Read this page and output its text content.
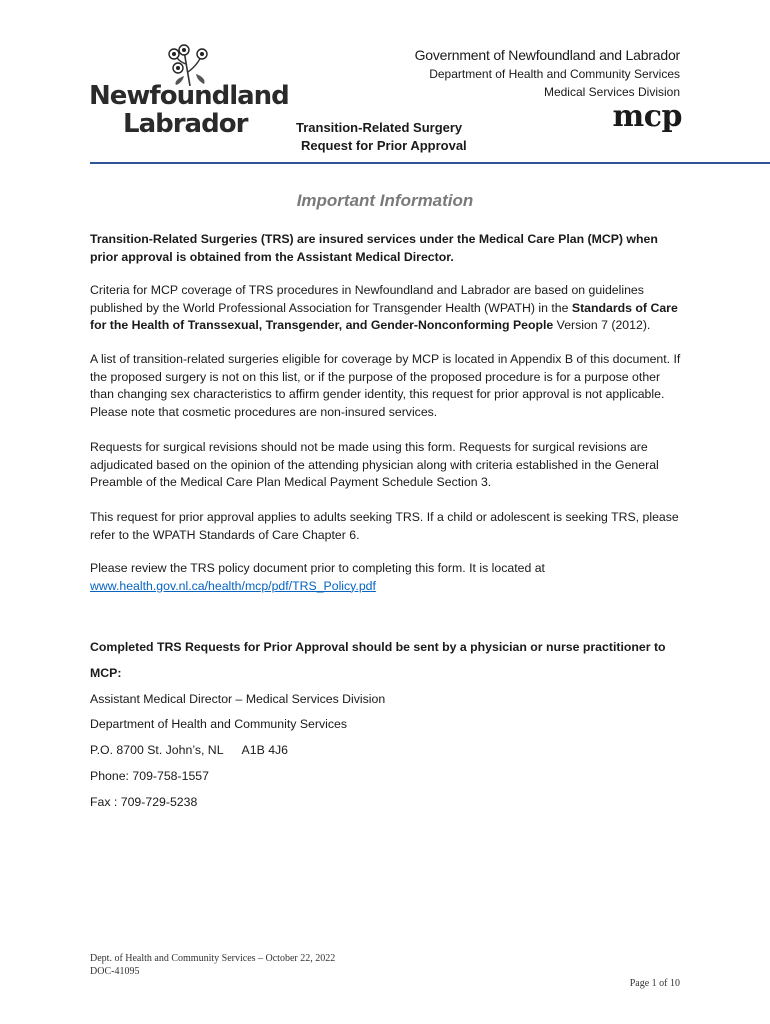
Newfoundland
Labrador
Government of Newfoundland and Labrador
Department of Health and Community Services
Medical Services Division
mcp
Transition-Related Surgery
Request for Prior Approval
Important Information
Transition-Related Surgeries (TRS) are insured services under the Medical Care Plan (MCP) when prior approval is obtained from the Assistant Medical Director.
Criteria for MCP coverage of TRS procedures in Newfoundland and Labrador are based on guidelines published by the World Professional Association for Transgender Health (WPATH) in the Standards of Care for the Health of Transsexual, Transgender, and Gender-Nonconforming People Version 7 (2012).
A list of transition-related surgeries eligible for coverage by MCP is located in Appendix B of this document. If the proposed surgery is not on this list, or if the purpose of the proposed procedure is for a purpose other than changing sex characteristics to affirm gender identity, this request for prior approval is not applicable. Please note that cosmetic procedures are non-insured services.
Requests for surgical revisions should not be made using this form. Requests for surgical revisions are adjudicated based on the opinion of the attending physician along with criteria established in the General Preamble of the Medical Care Plan Medical Payment Schedule Section 3.
This request for prior approval applies to adults seeking TRS. If a child or adolescent is seeking TRS, please refer to the WPATH Standards of Care Chapter 6.
Please review the TRS policy document prior to completing this form. It is located at
www.health.gov.nl.ca/health/mcp/pdf/TRS_Policy.pdf
Completed TRS Requests for Prior Approval should be sent by a physician or nurse practitioner to
MCP:
Assistant Medical Director – Medical Services Division
Department of Health and Community Services
P.O. 8700 St. John’s, NL A1B 4J6
Phone: 709-758-1557
Fax : 709-729-5238
Dept. of Health and Community Services – October 22, 2022
DOC-41095
Page 1 of 10
